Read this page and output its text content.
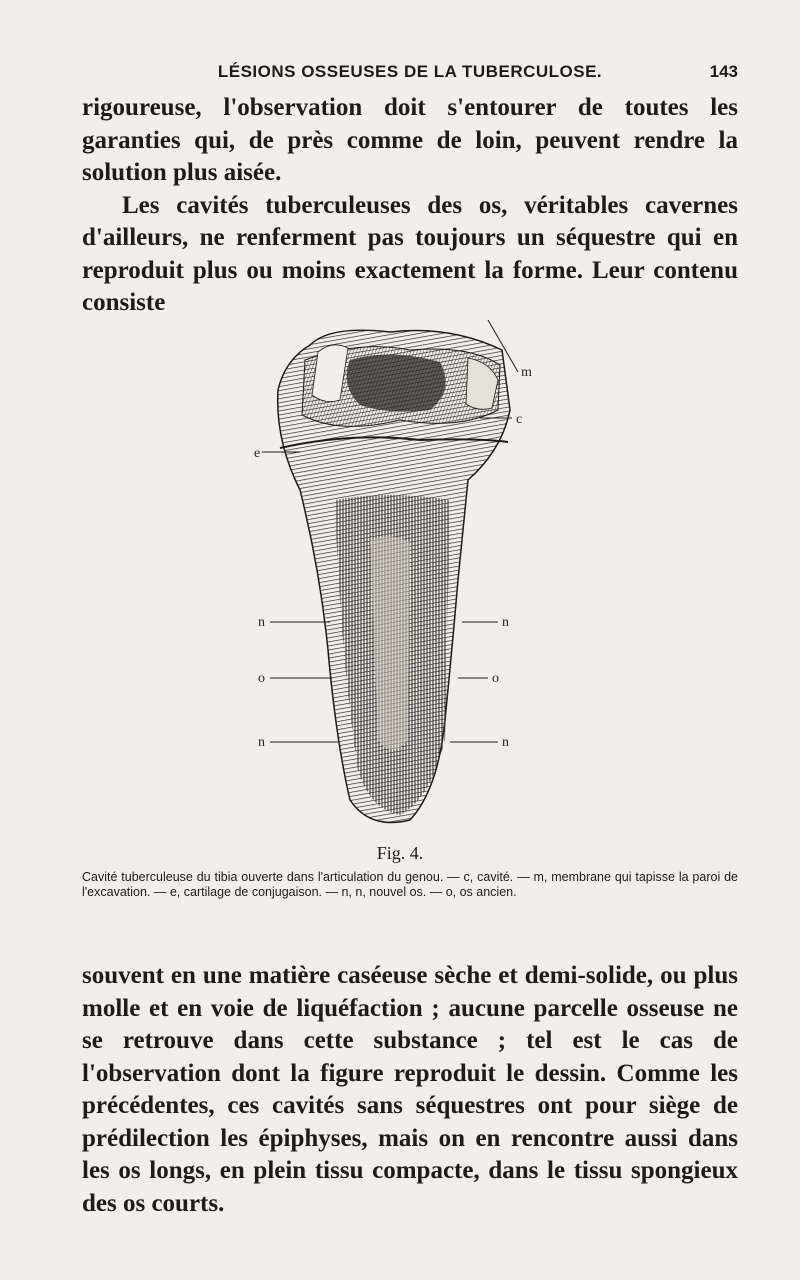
LÉSIONS OSSEUSES DE LA TUBERCULOSE.	143

rigoureuse, l'observation doit s'entourer de toutes les garanties qui, de près comme de loin, peuvent rendre la solution plus aisée.

Les cavités tuberculeuses des os, véritables cavernes d'ailleurs, ne renferment pas toujours un séquestre qui en reproduit plus ou moins exactement la forme. Leur contenu consiste

m
e
c
n	n
o	o
n	n
Fig. 4.

Cavité tuberculeuse du tibia ouverte dans l'articulation du genou. — c, cavité. — m, membrane qui tapisse la paroi de l'excavation. — e, cartilage de conjugaison. — n, n, nouvel os. — o, os ancien.

souvent en une matière caséeuse sèche et demi-solide, ou plus molle et en voie de liquéfaction ; aucune parcelle osseuse ne se retrouve dans cette substance ; tel est le cas de l'observation dont la figure reproduit le dessin. Comme les précédentes, ces cavités sans séquestres ont pour siège de prédilection les épiphyses, mais on en rencontre aussi dans les os longs, en plein tissu compacte, dans le tissu spongieux des os courts.
